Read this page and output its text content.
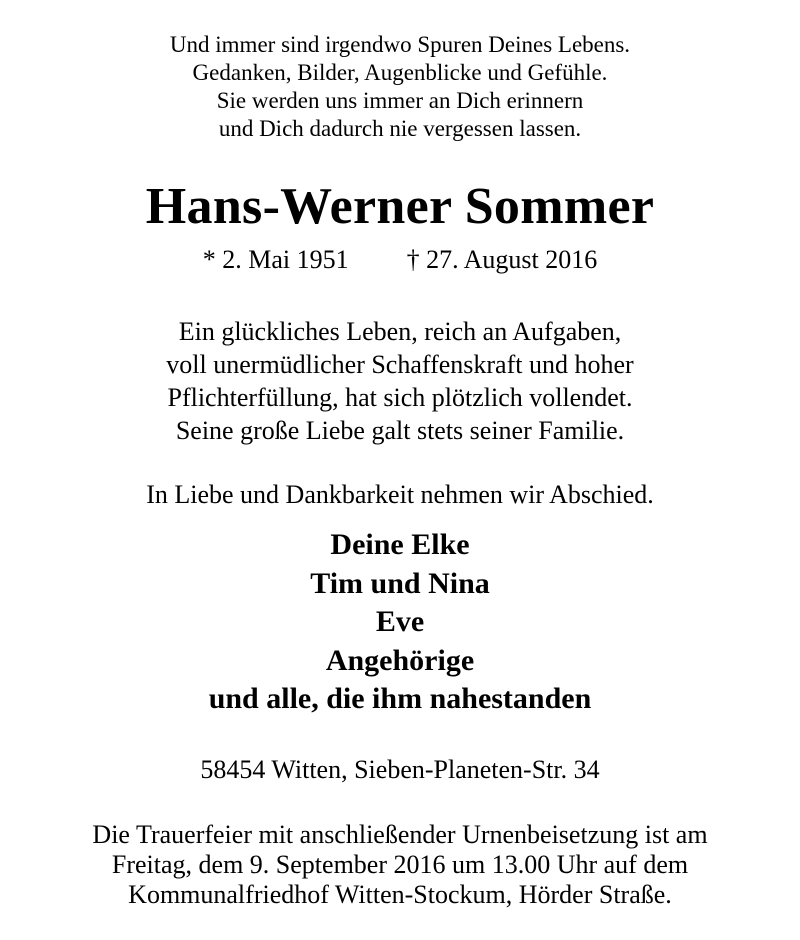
Und immer sind irgendwo Spuren Deines Lebens.
Gedanken, Bilder, Augenblicke und Gefühle.
Sie werden uns immer an Dich erinnern
und Dich dadurch nie vergessen lassen.
Hans-Werner Sommer
* 2. Mai 1951 † 27. August 2016
Ein glückliches Leben, reich an Aufgaben,
voll unermüdlicher Schaffenskraft und hoher
Pflichterfüllung, hat sich plötzlich vollendet.
Seine große Liebe galt stets seiner Familie.
In Liebe und Dankbarkeit nehmen wir Abschied.
Deine Elke
Tim und Nina
Eve
Angehörige
und alle, die ihm nahestanden
58454 Witten, Sieben-Planeten-Str. 34
Die Trauerfeier mit anschließender Urnenbeisetzung ist am
Freitag, dem 9. September 2016 um 13.00 Uhr auf dem
Kommunalfriedhof Witten-Stockum, Hörder Straße.
